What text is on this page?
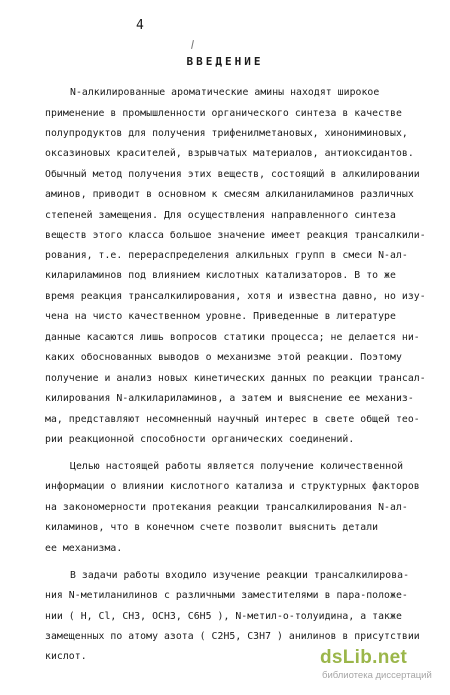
4
ВВЕДЕНИЕ
N-алкилированные ароматические амины находят широкое
применение в промышленности органического синтеза в качестве
полупродуктов для получения трифенилметановых, хинониминовых,
оксазиновых красителей, взрывчатых материалов, антиоксидантов.
Обычный метод получения этих веществ, состоящий в алкилировании
аминов, приводит в основном к смесям алкиланиламинов различных
степеней замещения. Для осуществления направленного синтеза
веществ этого класса большое значение имеет реакция трансалкили-
рования, т.е. перераспределения алкильных групп в смеси N-ал-
килариламинов под влиянием кислотных катализаторов. В то же
время реакция трансалкилирования, хотя и известна давно, но изу-
чена на чисто качественном уровне. Приведенные в литературе
данные касаются лишь вопросов статики процесса; не делается ни-
каких обоснованных выводов о механизме этой реакции. Поэтому
получение и анализ новых кинетических данных по реакции трансал-
килирования N-алкилариламинов, а затем и выяснение ее механиз-
ма, представляют несомненный научный интерес в свете общей тео-
рии реакционной способности органических соединений.
Целью настоящей работы является получение количественной
информации о влиянии кислотного катализа и структурных факторов
на закономерности протекания реакции трансалкилирования N-ал-
киламинов, что в конечном счете позволит выяснить детали
ее механизма.
В задачи работы входило изучение реакции трансалкилирова-
ния N-метиланилинов с различными заместителями в пара-положе-
нии ( Н, Сl, СН3, ОСН3, С6Н5 ), N-метил-о-толуидина, а также
замещенных по атому азота ( С2Н5, С3Н7 ) анилинов в присутствии
кислот.	dsLib.net
библиотека диссертаций
